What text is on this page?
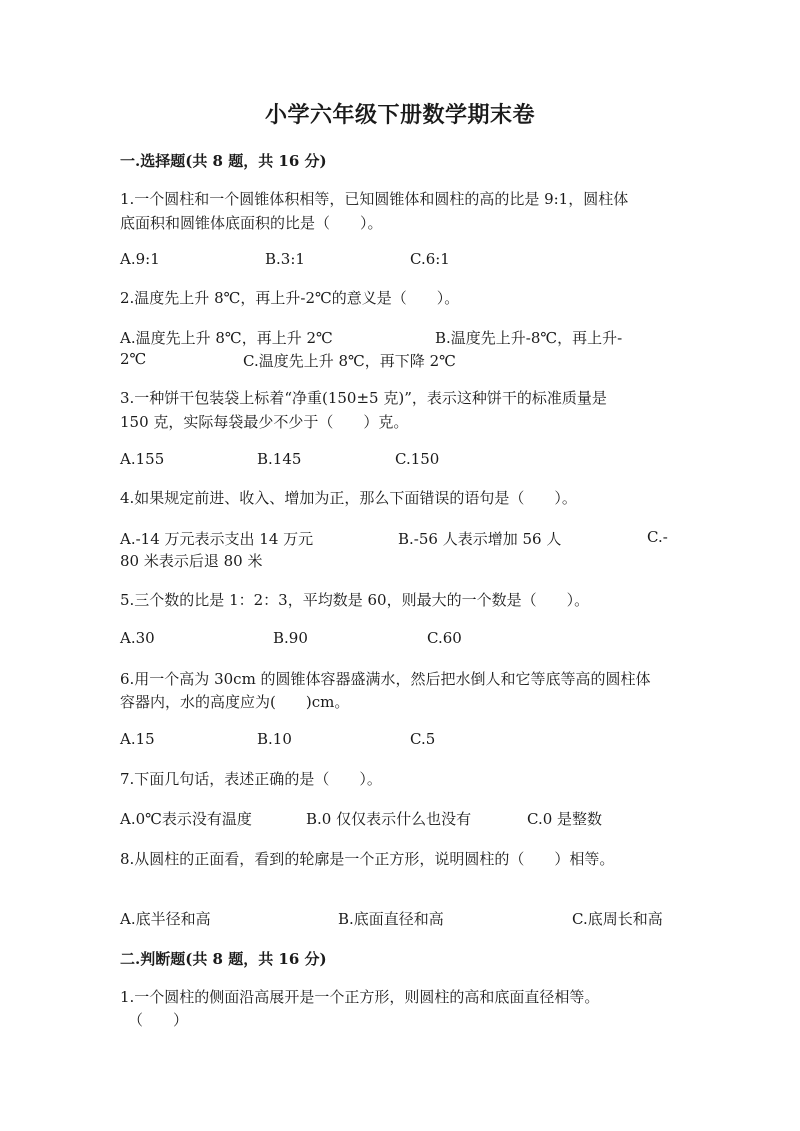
小学六年级下册数学期末卷
一.选择题(共 8 题，共 16 分)
1.一个圆柱和一个圆锥体积相等，已知圆锥体和圆柱的高的比是 9:1，圆柱体
底面积和圆锥体底面积的比是（　　）。
A.9:1	B.3:1	C.6:1
2.温度先上升 8℃，再上升-2℃的意义是（　　）。
A.温度先上升 8℃，再上升 2℃	B.温度先上升-8℃，再上升-
2℃	C.温度先上升 8℃，再下降 2℃
3.一种饼干包装袋上标着“净重(150±5 克)”，表示这种饼干的标准质量是
150 克，实际每袋最少不少于（　　）克。
A.155	B.145	C.150
4.如果规定前进、收入、增加为正，那么下面错误的语句是（　　）。
A.-14 万元表示支出 14 万元	B.-56 人表示增加 56 人	C.-
80 米表示后退 80 米
5.三个数的比是 1：2：3，平均数是 60，则最大的一个数是（　　）。
A.30	B.90	C.60
6.用一个高为 30cm 的圆锥体容器盛满水，然后把水倒人和它等底等高的圆柱体
容器内，水的高度应为(　　)cm。
A.15	B.10	C.5
7.下面几句话，表述正确的是（　　）。
A.0℃表示没有温度	B.0 仅仅表示什么也没有	C.0 是整数
8.从圆柱的正面看，看到的轮廓是一个正方形，说明圆柱的（　　）相等。
A.底半径和高	B.底面直径和高	C.底周长和高
二.判断题(共 8 题，共 16 分)
1.一个圆柱的侧面沿高展开是一个正方形，则圆柱的高和底面直径相等。
（　　）
